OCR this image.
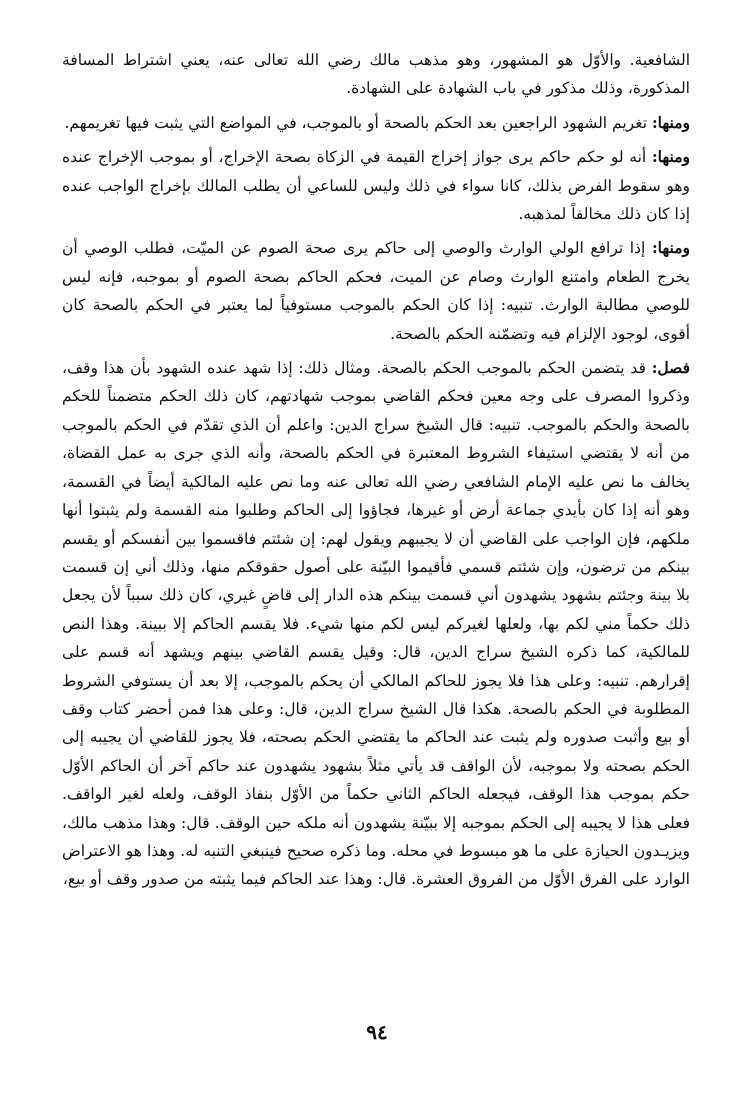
الشافعية. والأوّل هو المشهور، وهو مذهب مالك رضي الله تعالى عنه، يعني اشتراط المسافة المذكورة، وذلك مذكور في باب الشهادة على الشهادة.

ومنها: تغريم الشهود الراجعين بعد الحكم بالصحة أو بالموجب، في المواضع التي يثبت فيها تغريمهم.

ومنها: أنه لو حكم حاكم يرى جواز إخراج القيمة في الزكاة بصحة الإخراج، أو بموجب الإخراج عنده وهو سقوط الفرض بذلك، كانا سواء في ذلك وليس للساعي أن يطلب المالك بإخراج الواجب عنده إذا كان ذلك مخالفاً لمذهبه.

ومنها: إذا ترافع الولي الوارث والوصي إلى حاكم يرى صحة الصوم عن الميّت، فطلب الوصي أن يخرج الطعام وامتنع الوارث وصام عن الميت، فحكم الحاكم بصحة الصوم أو بموجبه، فإنه ليس للوصي مطالبة الوارث. تنبيه: إذا كان الحكم بالموجب مستوفياً لما يعتبر في الحكم بالصحة كان أقوى، لوجود الإلزام فيه وتضمّنه الحكم بالصحة.

فصل: قد يتضمن الحكم بالموجب الحكم بالصحة. ومثال ذلك: إذا شهد عنده الشهود بأن هذا وقف، وذكروا المصرف على وجه معين فحكم القاضي بموجب شهادتهم، كان ذلك الحكم متضمناً للحكم بالصحة والحكم بالموجب. تنبيه: قال الشيخ سراج الدين: واعلم أن الذي تقدّم في الحكم بالموجب من أنه لا يقتضي استيفاء الشروط المعتبرة في الحكم بالصحة، وأنه الذي جرى به عمل القضاة، يخالف ما نص عليه الإمام الشافعي رضي الله تعالى عنه وما نص عليه المالكية أيضاً في القسمة، وهو أنه إذا كان بأيدي جماعة أرض أو غيرها، فجاؤوا إلى الحاكم وطلبوا منه القسمة ولم يثبتوا أنها ملكهم، فإن الواجب على القاضي أن لا يجيبهم ويقول لهم: إن شئتم فاقسموا بين أنفسكم أو يقسم بينكم من ترضون، وإن شئتم قسمي فأقيموا البيّنة على أصول حقوقكم منها، وذلك أني إن قسمت بلا بينة وجئتم بشهود يشهدون أني قسمت بينكم هذه الدار إلى قاضٍ غيري، كان ذلك سبباً لأن يجعل ذلك حكماً مني لكم بها، ولعلها لغيركم ليس لكم منها شيء. فلا يقسم الحاكم إلا ببينة. وهذا النص للمالكية، كما ذكره الشيخ سراج الدين، قال: وقيل يقسم القاضي بينهم ويشهد أنه قسم على إقرارهم. تنبيه: وعلى هذا فلا يجوز للحاكم المالكي أن يحكم بالموجب، إلا بعد أن يستوفي الشروط المطلوبة في الحكم بالصحة. هكذا قال الشيخ سراج الدين، قال: وعلى هذا فمن أحضر كتاب وقف أو بيع وأثبت صدوره ولم يثبت عند الحاكم ما يقتضي الحكم بصحته، فلا يجوز للقاضي أن يجيبه إلى الحكم بصحته ولا بموجبه، لأن الواقف قد يأتي مثلاً بشهود يشهدون عند حاكم آخر أن الحاكم الأوّل حكم بموجب هذا الوقف، فيجعله الحاكم الثاني حكماً من الأوّل بنفاذ الوقف، ولعله لغير الواقف. فعلى هذا لا يجيبه إلى الحكم بموجبه إلا ببيّنة يشهدون أنه ملكه حين الوقف. قال: وهذا مذهب مالك، ويزيـدون الحيازة على ما هو مبسوط في محله. وما ذكره صحيح فينبغي التنبه له. وهذا هو الاعتراض الوارد على الفرق الأوّل من الفروق العشرة. قال: وهذا عند الحاكم فيما يثبته من صدور وقف أو بيع،

٩٤
